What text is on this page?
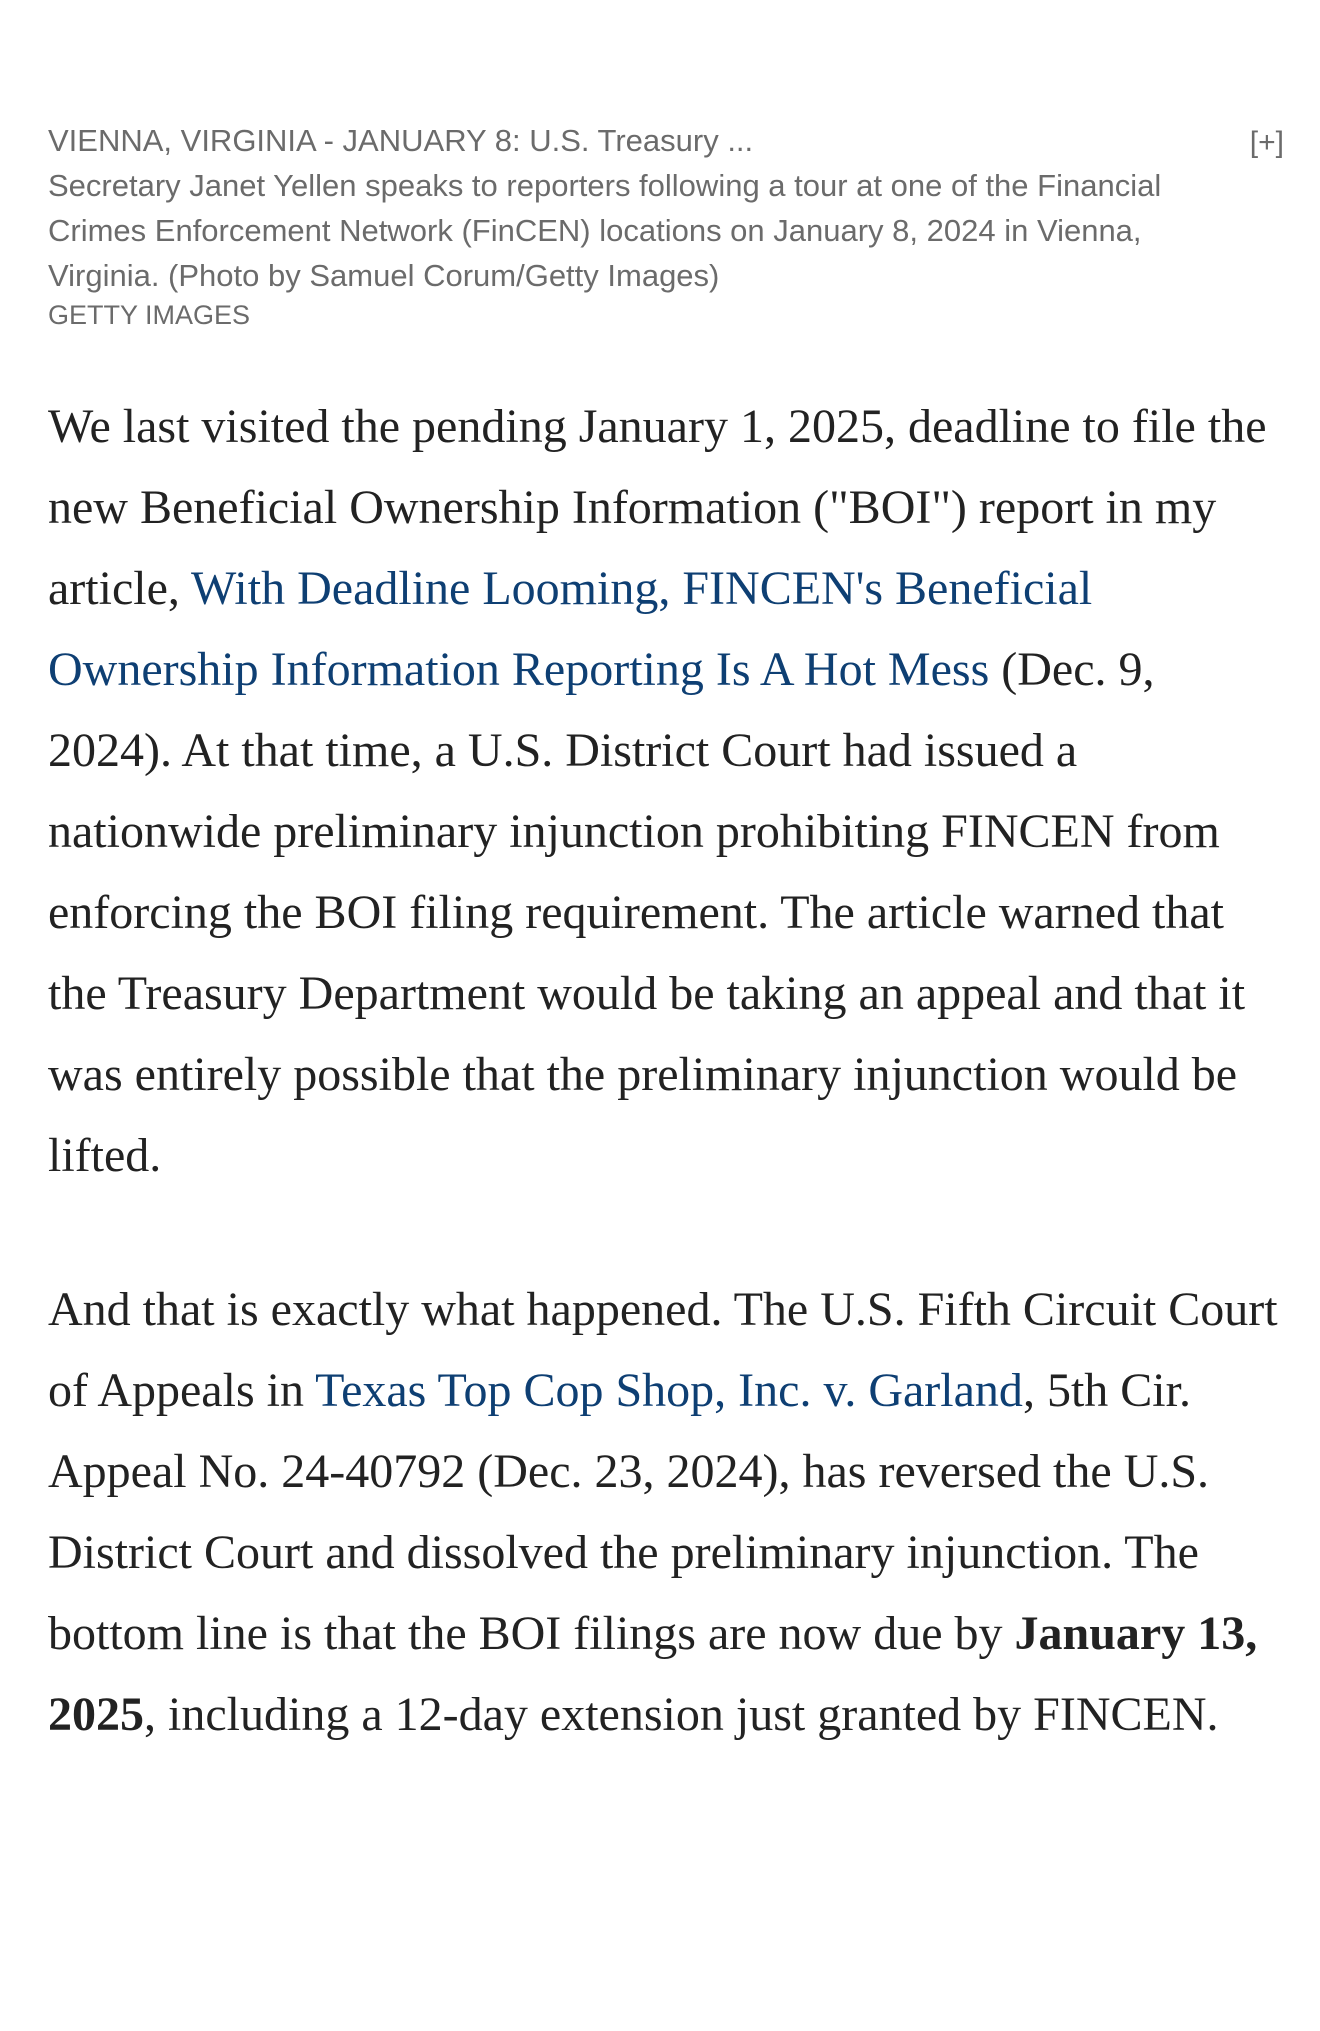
VIENNA, VIRGINIA - JANUARY 8: U.S. Treasury ...	[+]

Secretary Janet Yellen speaks to reporters following a tour at one of the Financial Crimes Enforcement Network (FinCEN) locations on January 8, 2024 in Vienna, Virginia. (Photo by Samuel Corum/Getty Images)
GETTY IMAGES

We last visited the pending January 1, 2025, deadline to file the new Beneficial Ownership Information ("BOI") report in my article, With Deadline Looming, FINCEN's Beneficial Ownership Information Reporting Is A Hot Mess (Dec. 9, 2024). At that time, a U.S. District Court had issued a nationwide preliminary injunction prohibiting FINCEN from enforcing the BOI filing requirement. The article warned that the Treasury Department would be taking an appeal and that it was entirely possible that the preliminary injunction would be lifted.

And that is exactly what happened. The U.S. Fifth Circuit Court of Appeals in Texas Top Cop Shop, Inc. v. Garland, 5th Cir. Appeal No. 24-40792 (Dec. 23, 2024), has reversed the U.S. District Court and dissolved the preliminary injunction. The bottom line is that the BOI filings are now due by January 13, 2025, including a 12-day extension just granted by FINCEN.
